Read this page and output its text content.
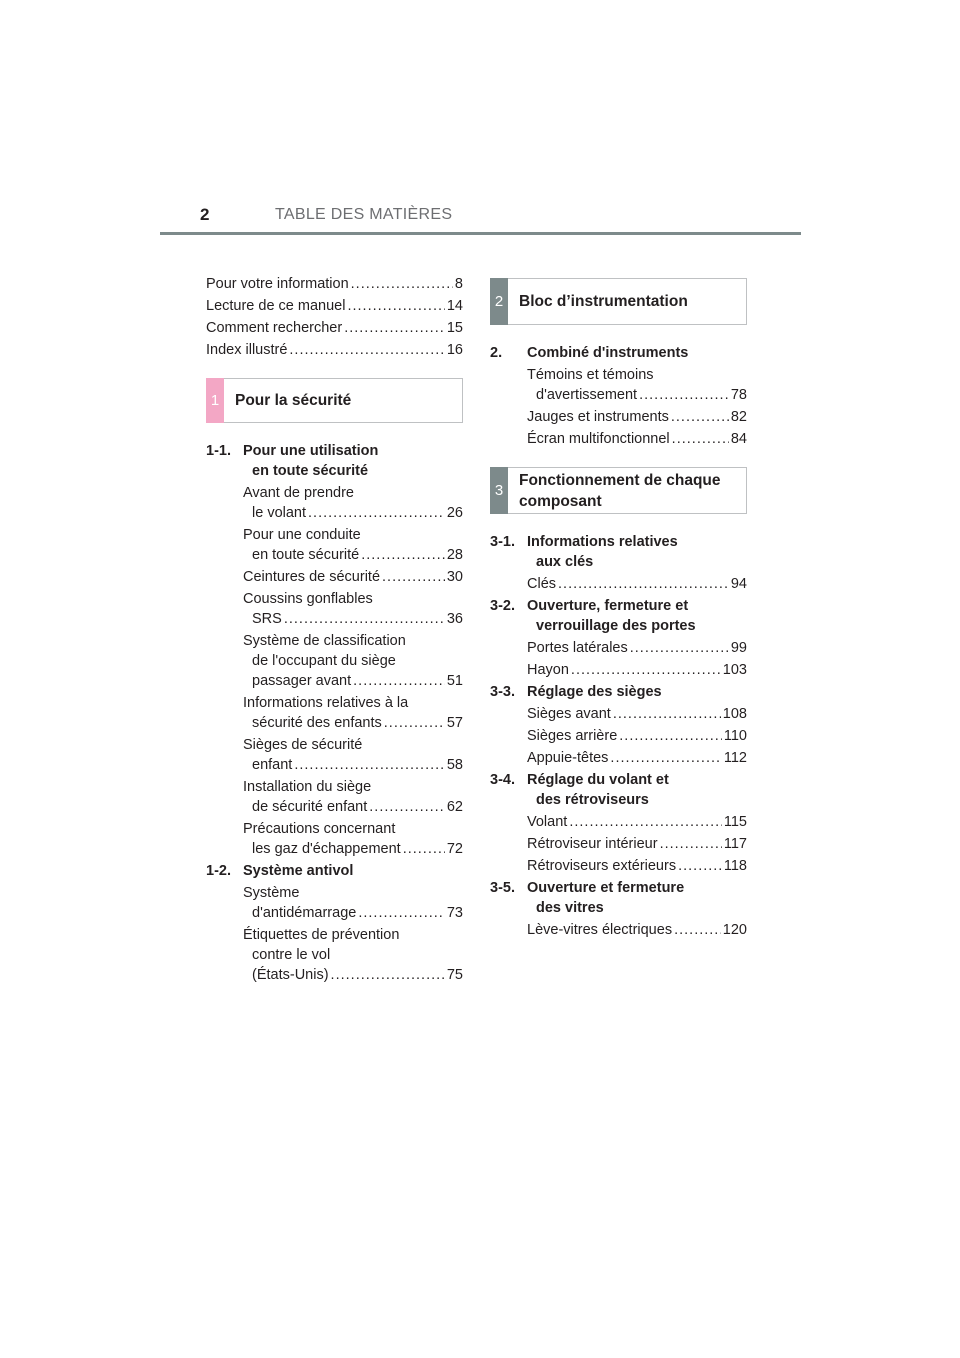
2	TABLE DES MATIÈRES
Pour votre information .....	8
Lecture de ce manuel .....	14
Comment rechercher .....	15
Index illustré .....	16
1	Pour la sécurité
1-1. Pour une utilisation
en toute sécurité
Avant de prendre
le volant .....	26
Pour une conduite
en toute sécurité .....	28
Ceintures de sécurité .....	30
Coussins gonflables
SRS .....	36
Système de classification
de l'occupant du siège
passager avant .....	51
Informations relatives à la
sécurité des enfants .....	57
Sièges de sécurité
enfant .....	58
Installation du siège
de sécurité enfant .....	62
Précautions concernant
les gaz d'échappement .....	72
1-2. Système antivol
Système
d'antidémarrage .....	73
Étiquettes de prévention
contre le vol
(États-Unis) .....	75
2	Bloc d’instrumentation
2.	Combiné d'instruments
Témoins et témoins
d'avertissement .....	78
Jauges et instruments .....	82
Écran multifonctionnel .....	84
3
Fonctionnement de chaque
composant
3-1. Informations relatives
aux clés
Clés .....	94
3-2. Ouverture, fermeture et
verrouillage des portes
Portes latérales .....	99
Hayon .....	103
3-3. Réglage des sièges
Sièges avant .....	108
Sièges arrière .....	110
Appuie-têtes .....	112
3-4. Réglage du volant et
des rétroviseurs
Volant .....	115
Rétroviseur intérieur .....	117
Rétroviseurs extérieurs .....	118
3-5. Ouverture et fermeture
des vitres
Lève-vitres électriques .....	120
